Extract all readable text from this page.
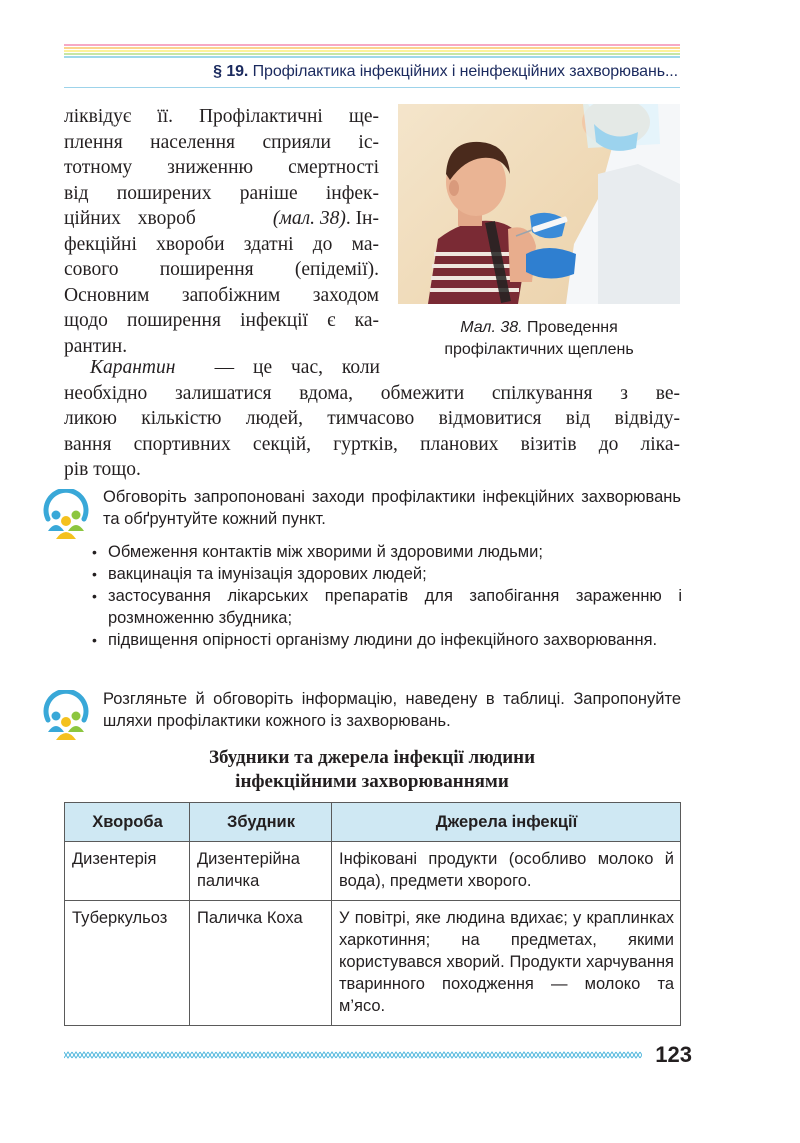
§ 19. Профілактика інфекційних і неінфекційних захворювань...
ліквідує її. Профілактичні ще-
плення населення сприяли іс-
тотному зниженню смертності
від поширених раніше інфек-
ційних хвороб	(мал. 38). Ін-
фекційні хвороби здатні до ма-
сового поширення (епідемії).
Основним запобіжним заходом
щодо поширення інфекції є ка-
рантин.
Мал. 38. Проведення
профілактичних щеплень
Карантин — це час, коли
необхідно залишатися вдома, обмежити спілкування з ве-
ликою кількістю людей, тимчасово відмовитися від відвіду-
вання спортивних секцій, гуртків, планових візитів до ліка-
рів тощо.
Обговоріть запропоновані заходи профілактики інфекційних захворювань та обґрунтуйте кожний пункт.
• Обмеження контактів між хворими й здоровими людьми;
• вакцинація та імунізація здорових людей;
• застосування лікарських препаратів для запобігання зараженню і розмноженню збудника;
• підвищення опірності організму людини до інфекційного захворювання.
Розгляньте й обговоріть інформацію, наведену в таблиці. Запропонуйте шляхи профілактики кожного із захворювань.
Збудники та джерела інфекції людини
інфекційними захворюваннями
Хвороба	Збудник	Джерела інфекції
Дизентерія	Дизентерійна паличка	Інфіковані продукти (особливо молоко й вода), предмети хворого.
Туберкульоз	Паличка Коха	У повітрі, яке людина вдихає; у краплинках харкотиння; на предметах, якими користувався хворий. Продукти харчування тваринного походження — молоко та м’ясо.
123
